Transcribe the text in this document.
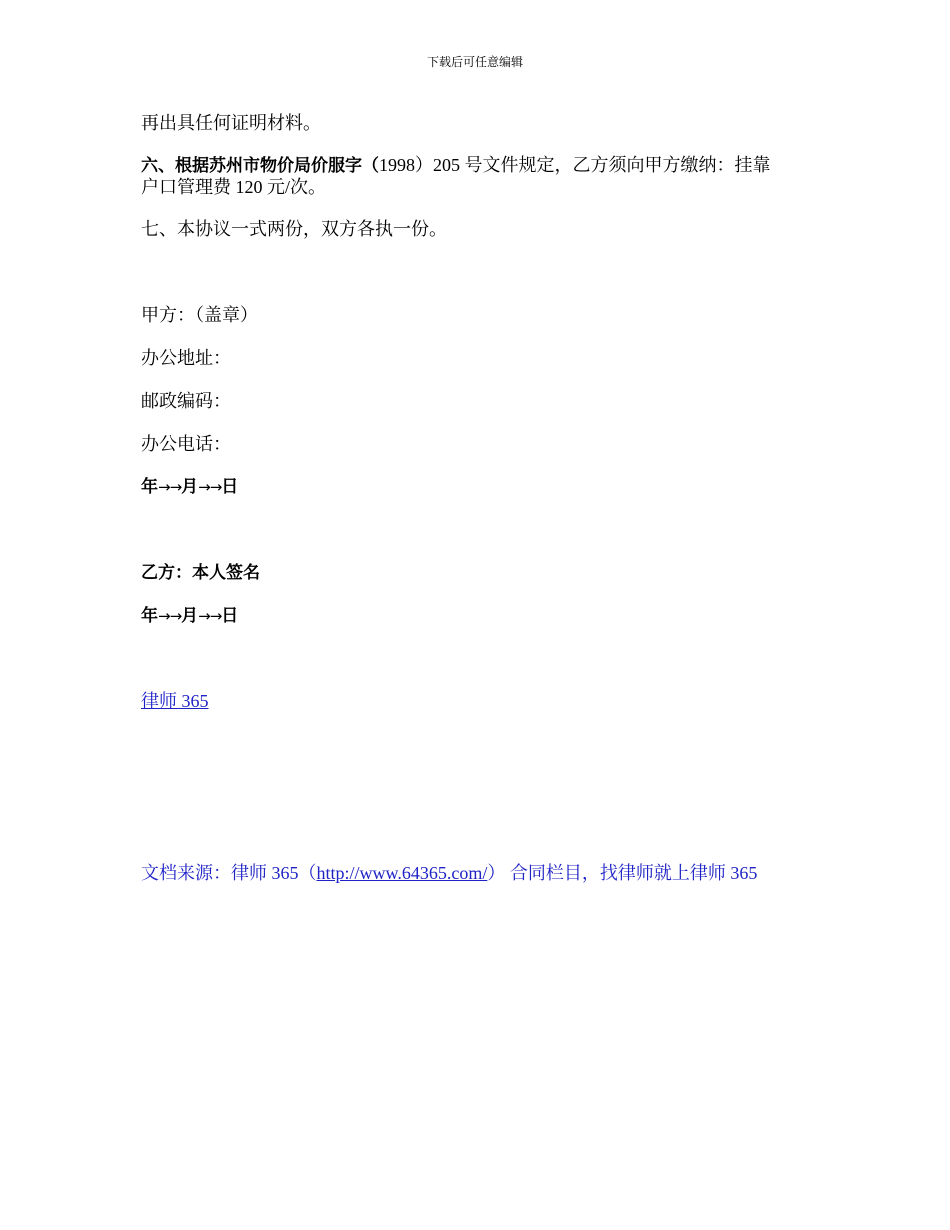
下载后可任意编辑
再出具任何证明材料。
六、根据苏州市物价局价服字（1998）205 号文件规定，乙方须向甲方缴纳：挂靠
户口管理费 120 元/次。
七、本协议一式两份，双方各执一份。
甲方：（盖章）
办公地址：
邮政编码：
办公电话：
年→→月→→日
乙方：本人签名
年→→月→→日
律师 365
文档来源：律师 365（http://www.64365.com/） 合同栏目，找律师就上律师 365
